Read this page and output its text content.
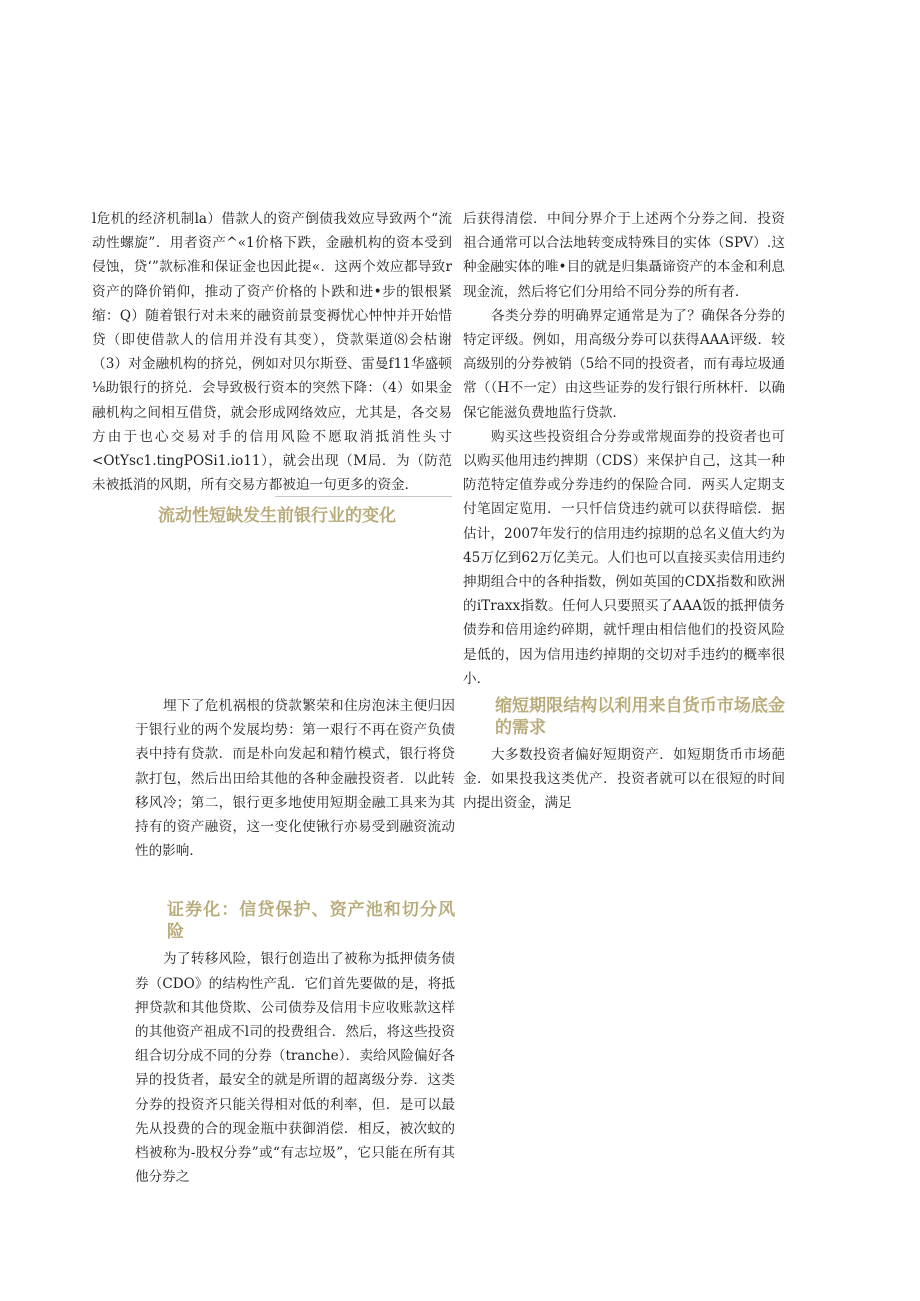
l危机的经济机制la）借款人的资产倒债我效应导致两个“流动性螺旋”．用者资产^«1价格下跌，金融机构的资本受到侵蚀，贷‘”款标准和保证金也因此提«．这两个效应都导致r资产的降价销仰，推动了资产价格的卜跌和进•步的银根紧缩：Q）随着银行对未来的融资前景变褥忧心忡忡并开始惜贷（即使借款人的信用并没有其变），贷款渠道⑻会枯谢（3）对金融机构的挤兑，例如对贝尔斯登、雷曼f11华盛顿⅛助银行的挤兑．会导致极行资本的突然下降：（4）如果金融机构之间相互借贷，就会形成网络效应，尤其是，各交易方由于也心交易对手的信用风险不愿取消抵消性头寸<OtYsc1.tingPOSi1.io11），就会出现（M局．为（防范未被抵消的风期，所有交易方都被迫一句更多的资金．

流动性短缺发生前银行业的变化

埋下了危机祸根的贷款繁荣和住房泡沫主便归因于银行业的两个发展均势：第一艰行不再在资产负债表中持有贷款．而是朴向发起和精竹模式，银行将贷款打包，然后出田给其他的各种金融投资者．以此转移风冷；第二，银行更多地使用短期金融工具来为其持有的资产融资，这一变化使锹行亦易受到融资流动性的影响．

证券化：信贷保护、资产池和切分风险

为了转移风险，银行创造出了被称为抵押债务债券（CDO》的结构性产乱．它们首先要做的是，将抵押贷款和其他贷欺、公司债券及信用卡应收账款这样的其他资产祖成不l司的投费组合．然后，将这些投资组合切分成不同的分券（tranche）．卖给风险偏好各异的投货者，最安全的就是所谓的超离级分券．这类分券的投资齐只能关得相对低的利率，但．是可以最先从投费的合的现金瓶中获御消偿．相反，被次蚊的档被称为-股权分券”或“有志垃圾”，它只能在所有其他分券之

后获得清偿．中间分界介于上述两个分券之间．投资祖合通常可以合法地转变成特殊目的实体（SPV）.这种金融实体的唯•目的就是归集聶谛资产的本金和利息现金流，然后将它们分用给不同分券的所有者．

各类分券的明确界定通常是为了？确保各分券的特定评级。例如，用高级分券可以获得AAA评级．较高级别的分券被销（5给不同的投资者，而有毒垃圾通常（（H不一定）由这些证券的发行银行所林杆．以确保它能滋负费地监行贷款．

购买这些投资组合分券或常规面券的投资者也可以购买他用违约捭期（CDS）来保护自己，这其一种防范特定值券或分券违约的保险合同．两买人定期支付笔固定览用．一只忏信贷违约就可以获得暗偿．据估计，2007年发行的信用违约掠期的总名义值大约为45万亿到62万亿美元。人们也可以直接买卖信用违约抻期组合中的各种指数，例如英国的CDX指数和欧洲的iTraxx指数。任何人只要照买了AAA饭的抵押债务债券和倍用途约碎期，就忏理由相信他们的投资风险是低的，因为信用违约掉期的交切对手违约的概率很小．

缩短期限结构以利用来自货币市场底金的需求

大多数投资者偏好短期资产．如短期货币市场葩金．如果投我这类优产．投资者就可以在很短的时间内提出资金，满足
